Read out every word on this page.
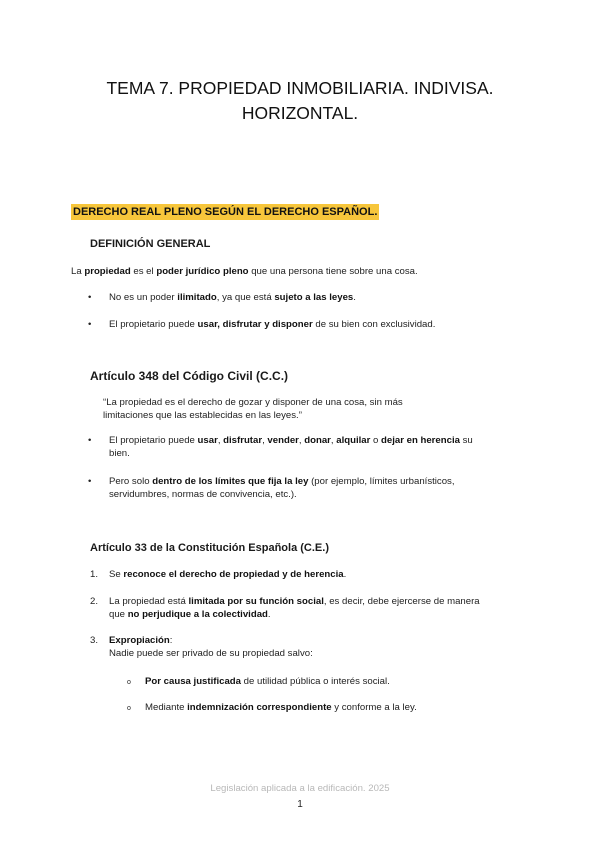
TEMA 7. PROPIEDAD INMOBILIARIA. INDIVISA.
HORIZONTAL.
DERECHO REAL PLENO SEGÚN EL DERECHO ESPAÑOL.
DEFINICIÓN GENERAL
La propiedad es el poder jurídico pleno que una persona tiene sobre una cosa.
• No es un poder ilimitado, ya que está sujeto a las leyes.
• El propietario puede usar, disfrutar y disponer de su bien con exclusividad.
Artículo 348 del Código Civil (C.C.)
“La propiedad es el derecho de gozar y disponer de una cosa, sin más
limitaciones que las establecidas en las leyes.”
• El propietario puede usar, disfrutar, vender, donar, alquilar o dejar en herencia su
bien.
• Pero solo dentro de los límites que fija la ley (por ejemplo, límites urbanísticos,
servidumbres, normas de convivencia, etc.).
Artículo 33 de la Constitución Española (C.E.)
1. Se reconoce el derecho de propiedad y de herencia.
2. La propiedad está limitada por su función social, es decir, debe ejercerse de manera
que no perjudique a la colectividad.
3. Expropiación:
Nadie puede ser privado de su propiedad salvo:
o Por causa justificada de utilidad pública o interés social.
o Mediante indemnización correspondiente y conforme a la ley.
Legislación aplicada a la edificación. 2025
1
